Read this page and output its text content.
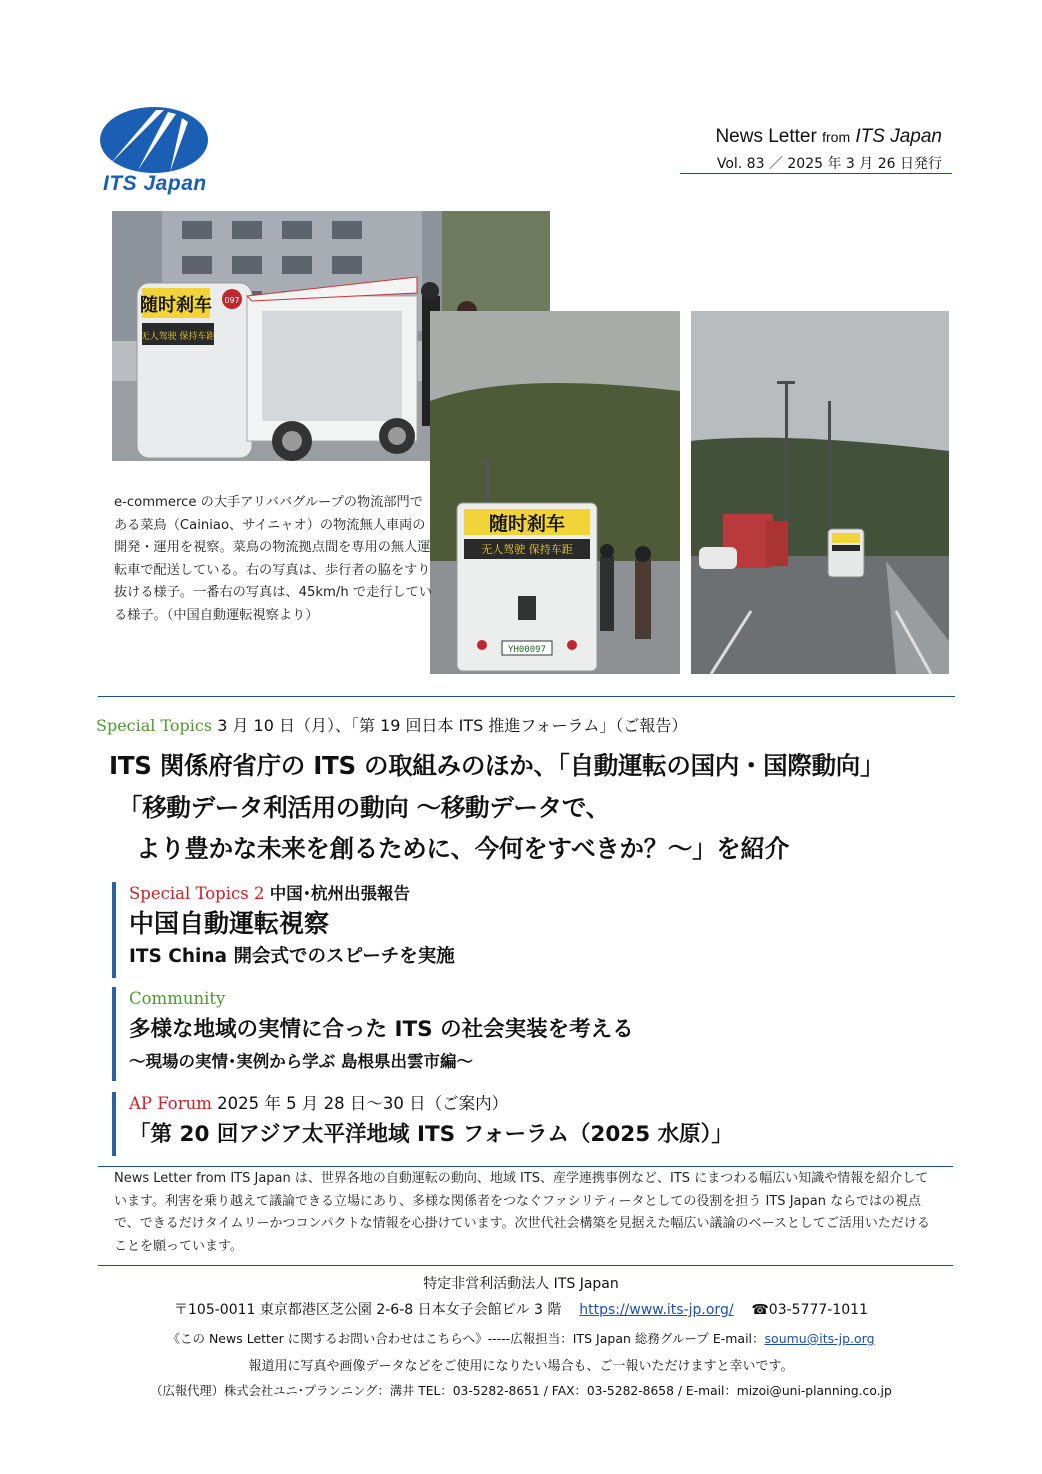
ITS Japan
News Letter from ITS Japan
Vol. 83 ／ 2025 年 3 月 26 日発行
随时刹车
无人驾驶 保持车距
097
随时刹车
无人驾驶 保持车距
YH00097
e-commerce の大手アリババグループの物流部門である菜鳥（Cainiao、サイニャオ）の物流無人車両の開発・運用を視察。菜鳥の物流拠点間を専用の無人運転車で配送している。右の写真は、歩行者の脇をすり抜ける様子。一番右の写真は、45km/h で走行している様子。（中国自動運転視察より）
Special Topics 3 月 10 日（月）、「第 19 回日本 ITS 推進フォーラム」（ご報告）
ITS 関係府省庁の ITS の取組みのほか、「自動運転の国内・国際動向」
「移動データ利活用の動向 〜移動データで、
より豊かな未来を創るために、今何をすべきか？〜」を紹介
Special Topics 2 中国･杭州出張報告
中国自動運転視察
ITS China 開会式でのスピーチを実施
Community
多様な地域の実情に合った ITS の社会実装を考える
〜現場の実情･実例から学ぶ 島根県出雲市編〜
AP Forum 2025 年 5 月 28 日〜30 日（ご案内）
「第 20 回アジア太平洋地域 ITS フォーラム（2025 水原）」
News Letter from ITS Japan は、世界各地の自動運転の動向、地域 ITS、産学連携事例など、ITS にまつわる幅広い知識や情報を紹介しています。利害を乗り越えて議論できる立場にあり、多様な関係者をつなぐファシリティータとしての役割を担う ITS Japan ならではの視点で、できるだけタイムリーかつコンパクトな情報を心掛けています。次世代社会構築を見据えた幅広い議論のベースとしてご活用いただけることを願っています。
特定非営利活動法人 ITS Japan
〒105-0011 東京都港区芝公園 2-6-8 日本女子会館ビル 3 階 https://www.its-jp.org/ ☎03-5777-1011
《この News Letter に関するお問い合わせはこちらへ》-----広報担当：ITS Japan 総務グループ E-mail：soumu@its-jp.org
報道用に写真や画像データなどをご使用になりたい場合も、ご一報いただけますと幸いです。
（広報代理）株式会社ユニ･プランニング：溝井 TEL：03-5282-8651 / FAX：03-5282-8658 / E-mail：mizoi@uni-planning.co.jp
